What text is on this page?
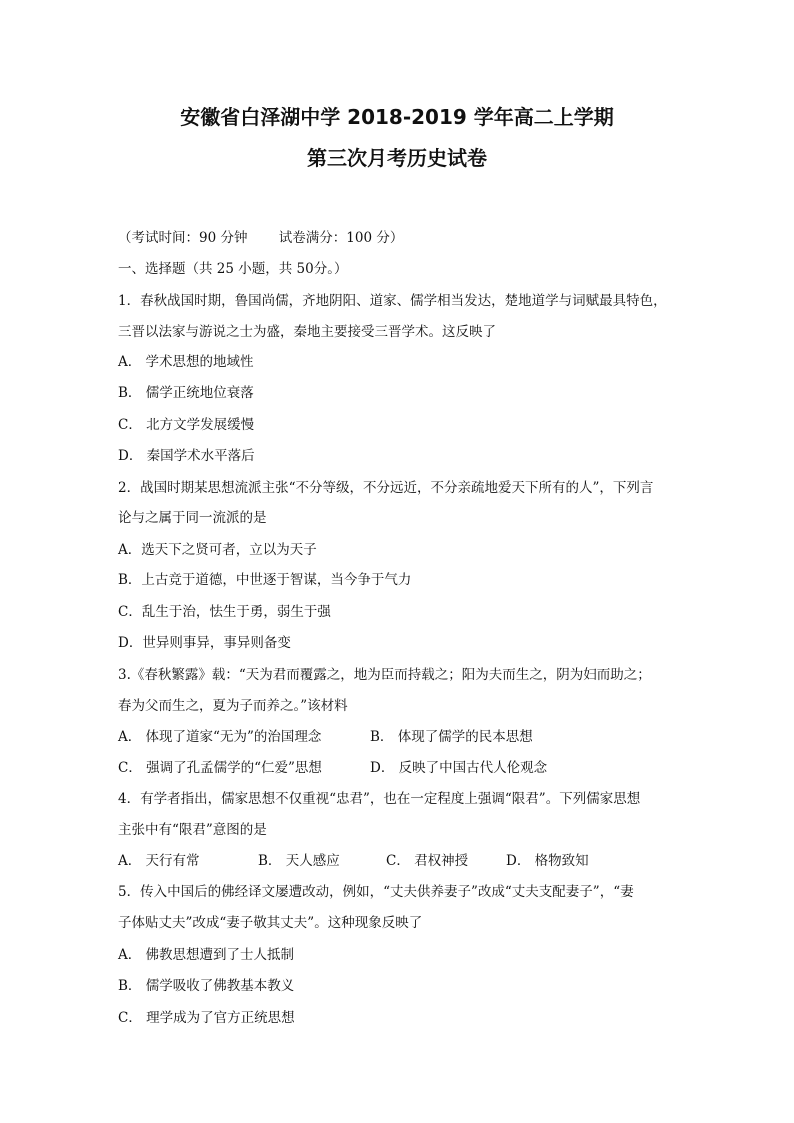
安徽省白泽湖中学 2018-2019 学年高二上学期
第三次月考历史试卷
（考试时间：90 分钟　　 试卷满分：100 分）
一、选择题（共 25 小题，共 50分。）
1．春秋战国时期，鲁国尚儒，齐地阴阳、道家、儒学相当发达，楚地道学与词赋最具特色，
三晋以法家与游说之士为盛，秦地主要接受三晋学术。这反映了
A． 学术思想的地域性
B． 儒学正统地位衰落
C． 北方文学发展缓慢
D． 秦国学术水平落后
2．战国时期某思想流派主张“不分等级，不分远近，不分亲疏地爱天下所有的人”，下列言
论与之属于同一流派的是
A．选天下之贤可者，立以为天子
B．上古竞于道德，中世逐于智谋，当今争于气力
C．乱生于治，怯生于勇，弱生于强
D．世异则事异，事异则备变
3.《春秋繁露》载：“天为君而覆露之，地为臣而持载之；阳为夫而生之，阴为妇而助之；
春为父而生之，夏为子而养之。”该材料
A． 体现了道家“无为”的治国理念	B． 体现了儒学的民本思想
C． 强调了孔孟儒学的“仁爱”思想	D． 反映了中国古代人伦观念
4．有学者指出，儒家思想不仅重视“忠君”，也在一定程度上强调“限君”。下列儒家思想
主张中有“限君”意图的是
A． 天行有常	B． 天人感应	C． 君权神授	D． 格物致知
5．传入中国后的佛经译文屡遭改动，例如，“丈夫供养妻子”改成“丈夫支配妻子”，“妻
子体贴丈夫”改成“妻子敬其丈夫”。这种现象反映了
A． 佛教思想遭到了士人抵制
B． 儒学吸收了佛教基本教义
C． 理学成为了官方正统思想
